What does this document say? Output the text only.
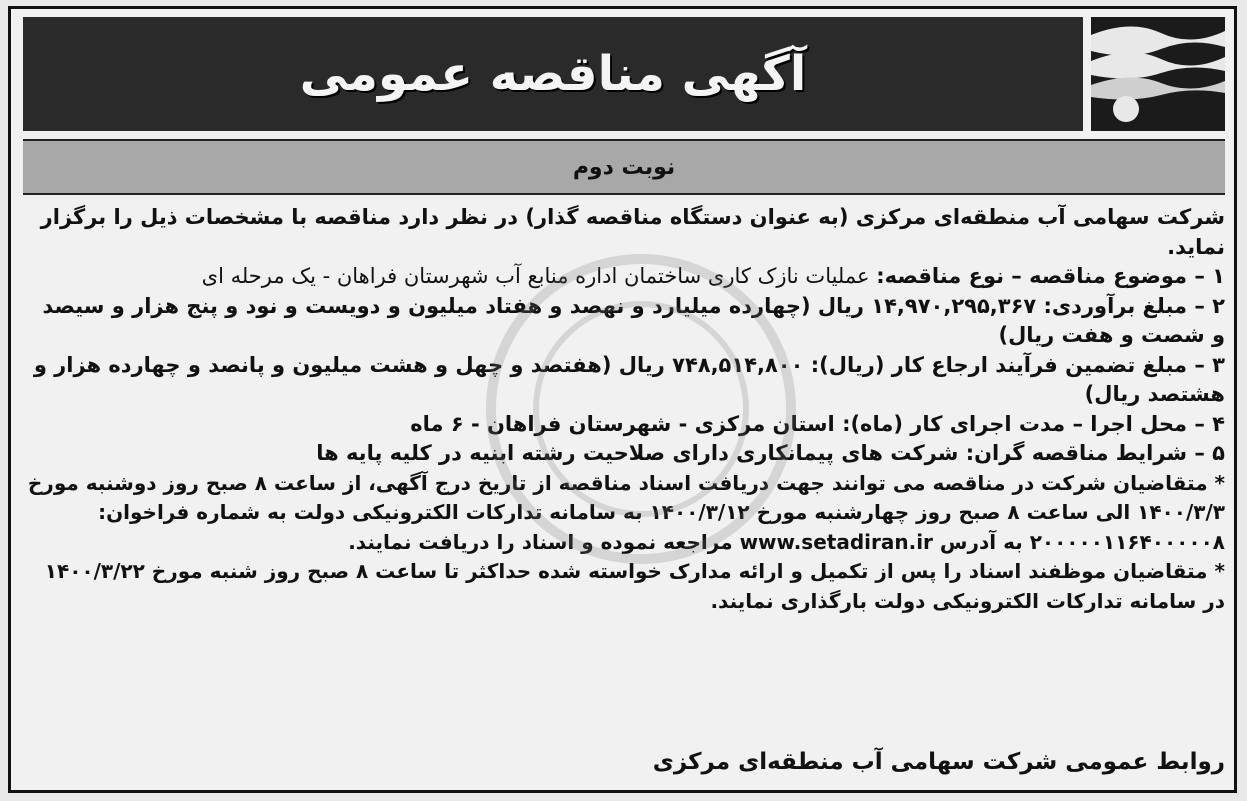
آگهی مناقصه عمومی
نوبت دوم

شرکت سهامی آب منطقه‌ای مرکزی (به عنوان دستگاه مناقصه گذار) در نظر دارد مناقصه با مشخصات ذیل را برگزار نماید.

۱ – موضوع مناقصه – نوع مناقصه: عملیات نازک کاری ساختمان اداره منابع آب شهرستان فراهان - یک مرحله ای

۲ – مبلغ برآوردی: ۱۴,۹۷۰,۲۹۵,۳۶۷ ریال (چهارده میلیارد و نهصد و هفتاد میلیون و دویست و نود و پنج هزار و سیصد و شصت و هفت ریال)

۳ – مبلغ تضمین فرآیند ارجاع کار (ریال): ۷۴۸,۵۱۴,۸۰۰ ریال (هفتصد و چهل و هشت میلیون و پانصد و چهارده هزار و هشتصد ریال)

۴ – محل اجرا – مدت اجرای کار (ماه): استان مرکزی - شهرستان فراهان - ۶ ماه

۵ – شرایط مناقصه گران: شرکت های پیمانکاری دارای صلاحیت رشته ابنیه در کلیه پایه ها

* متقاضیان شرکت در مناقصه می توانند جهت دریافت اسناد مناقصه از تاریخ درج آگهی، از ساعت ۸ صبح روز دوشنبه مورخ ۱۴۰۰/۳/۳ الی ساعت ۸ صبح روز چهارشنبه مورخ ۱۴۰۰/۳/۱۲ به سامانه تدارکات الکترونیکی دولت به شماره فراخوان: ۲۰۰۰۰۰۱۱۶۴۰۰۰۰۰۸ به آدرس www.setadiran.ir مراجعه نموده و اسناد را دریافت نمایند.

* متقاضیان موظفند اسناد را پس از تکمیل و ارائه مدارک خواسته شده حداکثر تا ساعت ۸ صبح روز شنبه مورخ ۱۴۰۰/۳/۲۲ در سامانه تدارکات الکترونیکی دولت بارگذاری نمایند.

روابط عمومی شرکت سهامی آب منطقه‌ای مرکزی
